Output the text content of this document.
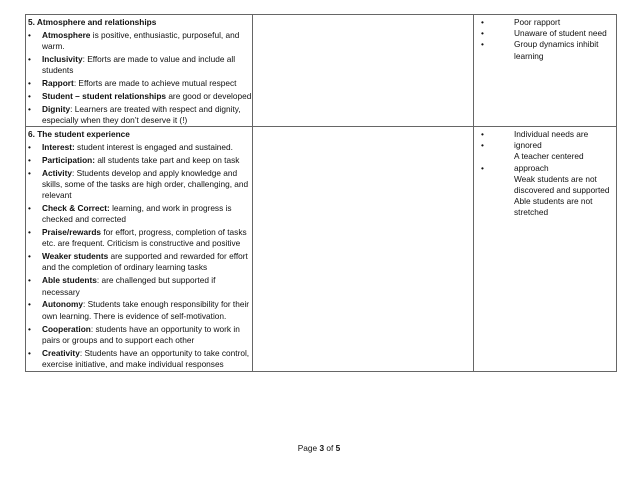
5. Atmosphere and relationships
• Atmosphere is positive, enthusiastic, purposeful, and warm.
• Inclusivity: Efforts are made to value and include all students
• Rapport: Efforts are made to achieve mutual respect
• Student – student relationships are good or developed
• Dignity: Learners are treated with respect and dignity, especially when they don’t deserve it (!)
•
•
•
Poor rapport
Unaware of student need
Group dynamics inhibit learning
6. The student experience
• Interest: student interest is engaged and sustained.
• Participation: all students take part and keep on task
• Activity: Students develop and apply knowledge and skills, some of the tasks are high order, challenging, and relevant
• Check & Correct: learning, and work in progress is checked and corrected
• Praise/rewards for effort, progress, completion of tasks etc. are frequent. Criticism is constructive and positive
• Weaker students are supported and rewarded for effort and the completion of ordinary learning tasks
• Able students: are challenged but supported if necessary
• Autonomy: Students take enough responsibility for their own learning. There is evidence of self-motivation.
• Cooperation: students have an opportunity to work in pairs or groups and to support each other
• Creativity: Students have an opportunity to take control, exercise initiative, and make individual responses
•
•
•
Individual needs are ignored
A teacher centered approach
Weak students are not discovered and supported
Able students are not stretched
Page 3 of 5
